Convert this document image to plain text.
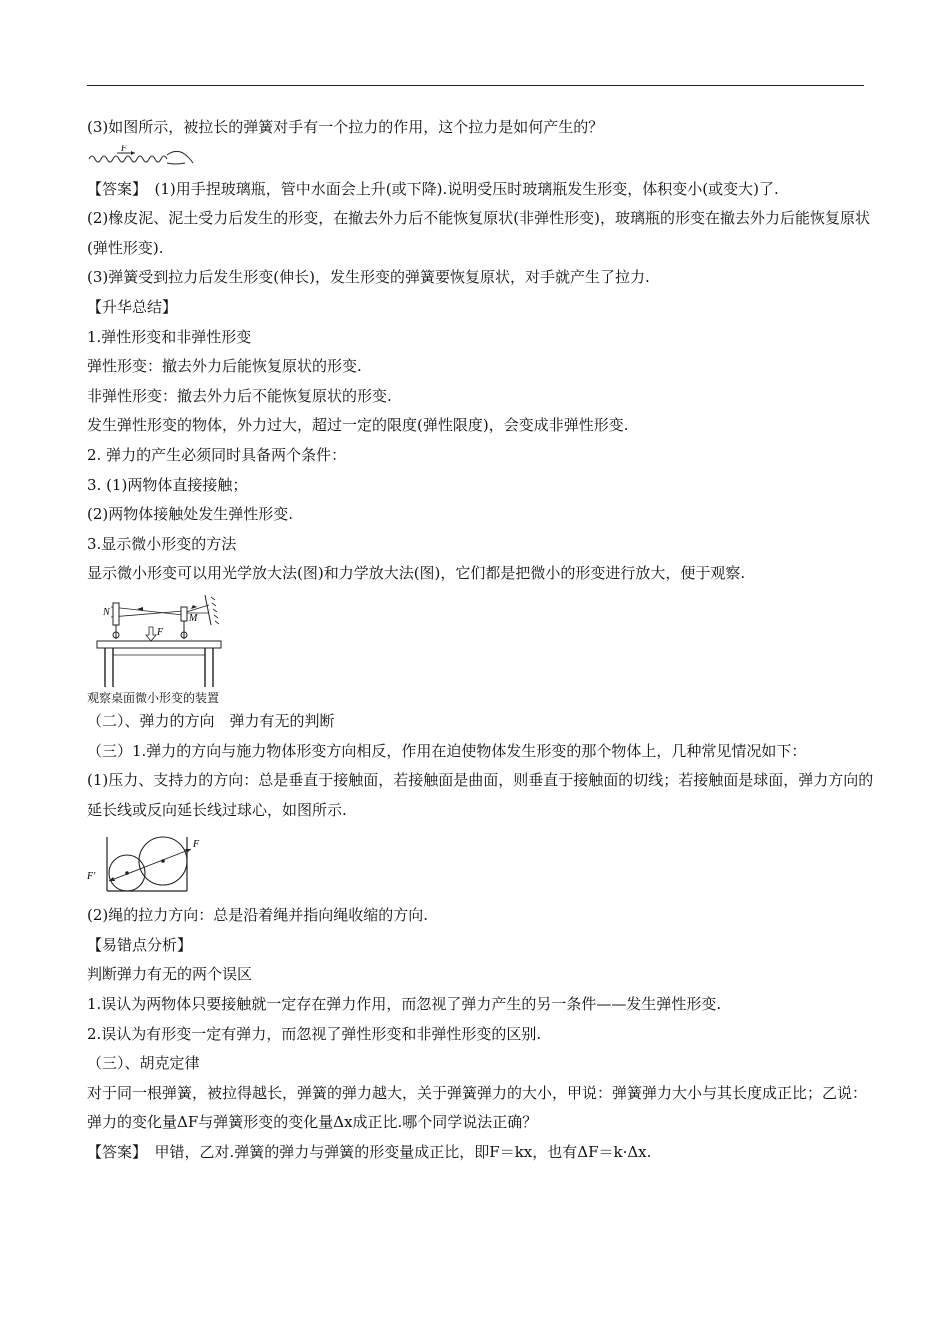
(3)如图所示，被拉长的弹簧对手有一个拉力的作用，这个拉力是如何产生的？
F
【答案】　(1)用手捏玻璃瓶，管中水面会上升(或下降).说明受压时玻璃瓶发生形变，体积变小(或变大)了.
(2)橡皮泥、泥土受力后发生的形变，在撤去外力后不能恢复原状(非弹性形变)，玻璃瓶的形变在撤去外力后能恢复原状(弹性形变).
(3)弹簧受到拉力后发生形变(伸长)，发生形变的弹簧要恢复原状，对手就产生了拉力.
【升华总结】
1.弹性形变和非弹性形变
弹性形变：撤去外力后能恢复原状的形变.
非弹性形变：撤去外力后不能恢复原状的形变.
发生弹性形变的物体，外力过大，超过一定的限度(弹性限度)，会变成非弹性形变.
2. 弹力的产生必须同时具备两个条件：
3. (1)两物体直接接触；
(2)两物体接触处发生弹性形变.
3.显示微小形变的方法
显示微小形变可以用光学放大法(图)和力学放大法(图)，它们都是把微小的形变进行放大，便于观察.
N
M
F
观察桌面微小形变的装置
（二）、弹力的方向　弹力有无的判断
（三）1.弹力的方向与施力物体形变方向相反，作用在迫使物体发生形变的那个物体上，几种常见情况如下：
(1)压力、支持力的方向：总是垂直于接触面，若接触面是曲面，则垂直于接触面的切线；若接触面是球面，弹力方向的延长线或反向延长线过球心，如图所示.
F
F'
(2)绳的拉力方向：总是沿着绳并指向绳收缩的方向.
【易错点分析】
判断弹力有无的两个误区
1.误认为两物体只要接触就一定存在弹力作用，而忽视了弹力产生的另一条件——发生弹性形变.
2.误认为有形变一定有弹力，而忽视了弹性形变和非弹性形变的区别.
（三）、胡克定律
对于同一根弹簧，被拉得越长，弹簧的弹力越大，关于弹簧弹力的大小，甲说：弹簧弹力大小与其长度成正比；乙说：弹力的变化量ΔF与弹簧形变的变化量Δx成正比.哪个同学说法正确？
【答案】　甲错，乙对.弹簧的弹力与弹簧的形变量成正比，即F＝kx，也有ΔF＝k·Δx.
